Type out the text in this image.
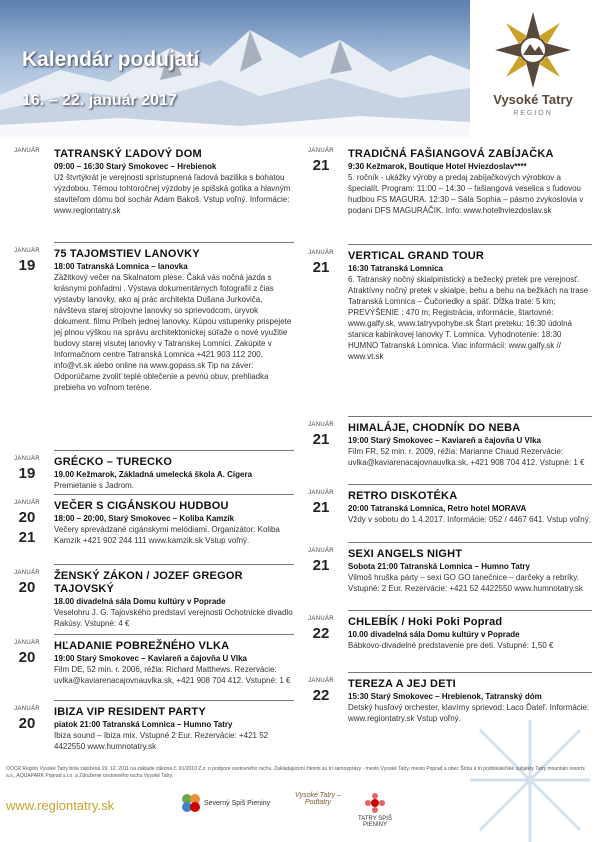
Kalendár podujatí
16. – 22. január 2017	Vysoké Tatry
REGIÓN
JANUÁR	TATRANSKÝ ĽADOVÝ DOM
09:00 – 16:30 Starý Smokovec – Hrebienok
Už štvrtýkrát je verejnosti sprístupnená ľadová bazilika s bohatou výzdobou. Témou tohtoročnej výzdoby je spišská gotika a hlavným staviteľom dómu bol sochár Adam Bakoš. Vstup voľný. Informácie: www.regiontatry.sk
JANUÁR
19
75 TAJOMSTIEV LANOVKY
18:00 Tatranská Lomnica – lanovka
Zážitkový večer na Skalnatom plese. Čaká vás nočná jazda s krásnymi pohľadmi . Výstava dokumentárnych fotografií z čias výstavby lanovky, ako aj prác architekta Dušana Jurkoviča, návšteva starej strojovne lanovky so sprievodcom, úryvok dokument. filmu Príbeh jednej lanovky. Kúpou vstupenky prispejete jej plnou výškou na správu architektonickej súťaže o nové využitie budovy starej visutej lanovky v Tatranskej Lomnici. Zakúpite v Informačnom centre Tatranská Lomnica +421 903 112 200, info@vt.sk alebo online na www.gopass.sk Tip na záver: Odporúčame zvoliť teplé oblečenie a pevnú obuv, prehliadka prebieha vo voľnom teréne.
JANUÁR
19
GRÉCKO – TURECKO
19.00 Kežmarok, Základná umelecká škola A. Cígera
Premietanie s Jadrom.
JANUÁR
20
21
VEČER S CIGÁNSKOU HUDBOU
18:00 – 20:00, Starý Smokovec – Koliba Kamzík
Večery sprevádzané cigánskymi melódiami. Organizátor: Koliba Kamzík +421 902 244 111 www.kamzik.sk Vstup voľný.
JANUÁR
20
ŽENSKÝ ZÁKON / JOZEF GREGOR TAJOVSKÝ
18.00 divadelná sála Domu kultúry v Poprade
Veselohru J. G. Tajovského predstaví verejnosti Ochotnícke divadlo Rakúsy. Vstupné: 4 €
JANUÁR
20
HĽADANIE POBREŽNÉHO VLKA
19:00 Starý Smokovec – Kaviareň a čajovňa U Vlka
Film DE, 52 min. r. 2006, réžia: Richard Matthews. Rezervácie: uvlka@kaviarenacajovnauvlka.sk, +421 908 704 412. Vstupné: 1 €
JANUÁR
20
IBIZA VIP RESIDENT PARTY
piatok 21:00 Tatranská Lomnica – Humno Tatry
Ibiza sound – Ibiza mix. Vstupné 2 Eur. Rezervácie: +421 52 4422550 www.humnotatry.sk
JANUÁR
21
TRADIČNÁ FAŠIANGOVÁ ZABÍJAČKA
9:30 Kežmarok, Boutique Hotel Hviezdoslav****
5. ročník - ukážky výroby a predaj zabíjačkových výrobkov a špecialít. Program: 11:00 – 14:30 – fašiangová veselica s ľudovou hudbou FS MAGURA. 12:30 – Sála Sophia – pásmo zvykoslovia v podaní DFS MAGURÁČIK. Info: www.hotelhviezdoslav.sk
JANUÁR
21
VERTICAL GRAND TOUR
16:30 Tatranská Lomnica
6. Tatranský nočný skialpinistický a bežecký pretek pre verejnosť. Atraktívny nočný pretek v skialpe, behu a behu na bežkách na trase Tatranská Lomnica – Čučoriedky a späť. Dĺžka trate: 5 km; PREVÝŠENIE : 470 m; Registrácia, informácie, štartovné: www.galfy.sk, www.tatryvpohybe.sk Štart preteku: 16:30 údolná stanica kabínkovej lanovky T. Lomnica. Vyhodnotenie: 18:30 HUMNO Tatranská Lomnica. Viac informácií: www.galfy.sk // www.vt.sk
JANUÁR
21
HIMALÁJE, CHODNÍK DO NEBA
19:00 Starý Smokovec – Kaviareň a čajovňa U Vlka
Film FR, 52 min. r. 2009, réžia: Marianne Chaud Rezervácie: uvlka@kaviarenacajovnauvlka.sk, +421 908 704 412. Vstupné: 1 €
JANUÁR
21
RETRO DISKOTÉKA
20:00 Tatranská Lomnica, Retro hotel MORAVA
Vždy v sobotu do 1.4.2017. Informácie: 052 / 4467 641. Vstup voľný.
JANUÁR
21
SEXI ANGELS NIGHT
Sobota 21:00 Tatranská Lomnica – Humno Tatry
Vilmoš hruška párty – sexi GO GO tanečnice – darčeky a rebríky. Vstupné: 2 Eur. Rezervácie: +421 52 4422550 www.humnotatry.sk
JANUÁR
22
CHLEBÍK / Hoki Poki Poprad
10.00 divadelná sála Domu kultúry v Poprade
Bábkovo-divadelné predstavenie pre deti. Vstupné: 1,50 €
JANUÁR
22
TEREZA A JEJ DETI
15:30 Starý Smokovec – Hrebienok, Tatranský dóm
Detský husľový orchester, klavírny sprievod: Laco Ďateľ. Informácie: www.regiontatry.sk Vstup voľný.
OOCR Región Vysoké Tatry bola založená 19. 12. 2011 na základe zákona č. 91/2010 Z.z. o podpore cestovného ruchu. Zakladajúcimi členmi sú tri samosprávy - mesto Vysoké Tatry, mesto Poprad a obec Štrba a tri podnikateľské subjekty Tatry mountain resorts a.s., AQUAPARK Poprad s.r.o. a Združenie cestovného ruchu Vysoké Tatry.
www.regiontatry.sk	Severný Spiš Pieniny
Vysoké Tatry – Podtatry
TATRY SPIŠ PIENINY
